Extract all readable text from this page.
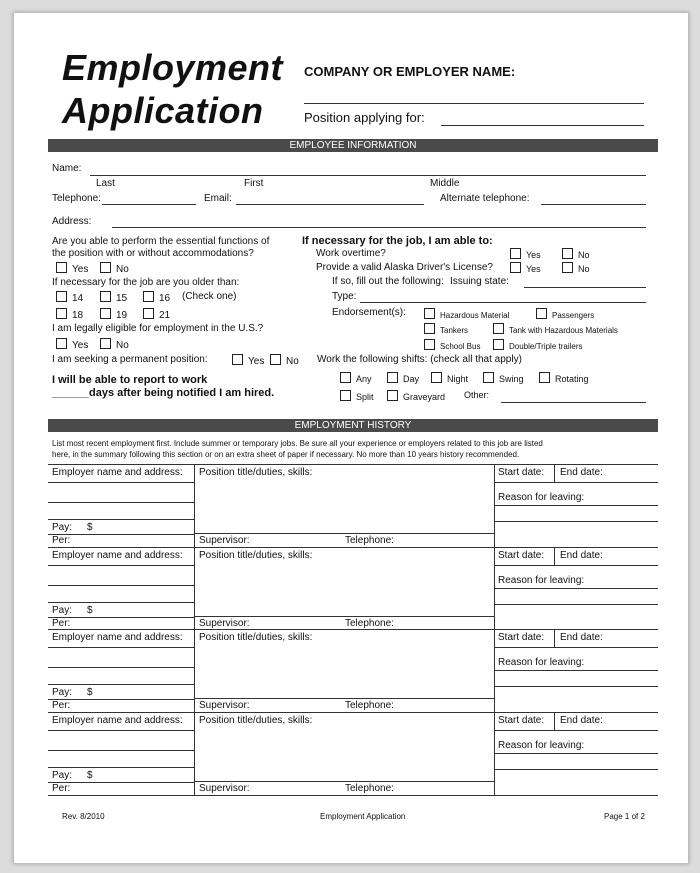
Employment
Application
COMPANY OR EMPLOYER NAME:
Position applying for:
EMPLOYEE INFORMATION
Name:
Last	First	Middle
Telephone:	Email:	Alternate telephone:
Address:
Are you able to perform the essential functions of
the position with or without accommodations?
Yes	No
If necessary for the job are you older than:
14	15	16 (Check one)
18	19	21
I am legally eligible for employment in the U.S.?
Yes	No
I am seeking a permanent position:	Yes	No
I will be able to report to work
______ days after being notified I am hired.
If necessary for the job, I am able to:
Work overtime?	Yes	No
Provide a valid Alaska Driver's License?	Yes	No
If so, fill out the following: Issuing state:
Type:
Endorsement(s):	Hazardous Material	Passengers
Tankers	Tank with Hazardous Materials
School Bus	Double/Triple trailers
Work the following shifts: (check all that apply)
Any	Day	Night	Swing	Rotating
Split	Graveyard Other:
EMPLOYMENT HISTORY
List most recent employment first. Include summer or temporary jobs. Be sure all your experience or employers related to this job are listed
here, in the summary following this section or on an extra sheet of paper if necessary. No more than 10 years history recommended.
Employer name and address: Position title/duties, skills:	Start date: End date:
Reason for leaving:
Pay: $
Per:	Supervisor:	Telephone:
Employer name and address: Position title/duties, skills:	Start date: End date:
Reason for leaving:
Pay: $
Per:	Supervisor:	Telephone:
Employer name and address: Position title/duties, skills:	Start date: End date:
Reason for leaving:
Pay: $
Per:	Supervisor:	Telephone:
Employer name and address: Position title/duties, skills:	Start date: End date:
Reason for leaving:
Pay: $
Per:	Supervisor:	Telephone:
Rev. 8/2010	Employment Application	Page 1 of 2
